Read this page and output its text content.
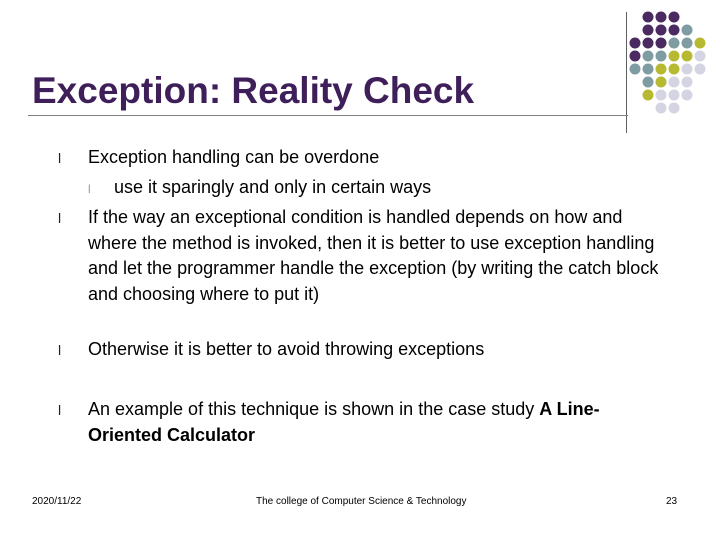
Exception: Reality Check
l Exception handling can be overdone
l use it sparingly and only in certain ways
l If the way an exceptional condition is handled depends on how and where the method is invoked, then it is better to use exception handling and let the programmer handle the exception (by writing the catch block and choosing where to put it)
l Otherwise it is better to avoid throwing exceptions
l An example of this technique is shown in the case study A Line-Oriented Calculator
2020/11/22	The college of Computer Science & Technology	23
